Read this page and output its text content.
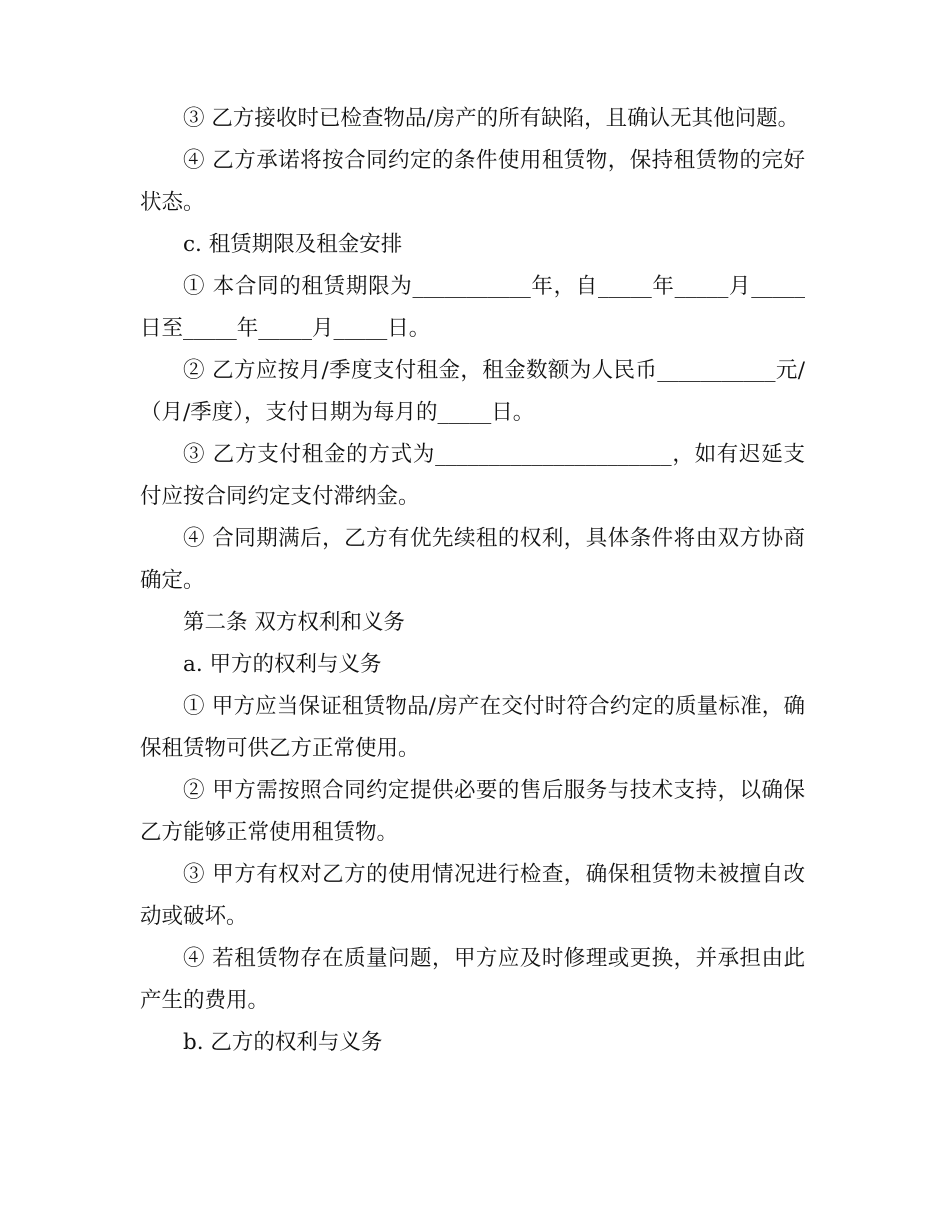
③ 乙方接收时已检查物品/房产的所有缺陷，且确认无其他问题。

④ 乙方承诺将按合同约定的条件使用租赁物，保持租赁物的完好状态。

c. 租赁期限及租金安排

① 本合同的租赁期限为___________年，自_____年_____月_____日至_____年_____月_____日。

② 乙方应按月/季度支付租金，租金数额为人民币___________元/（月/季度），支付日期为每月的_____日。

③ 乙方支付租金的方式为______________________，如有迟延支付应按合同约定支付滞纳金。

④ 合同期满后，乙方有优先续租的权利，具体条件将由双方协商确定。

第二条 双方权利和义务

a. 甲方的权利与义务

① 甲方应当保证租赁物品/房产在交付时符合约定的质量标准，确保租赁物可供乙方正常使用。

② 甲方需按照合同约定提供必要的售后服务与技术支持，以确保乙方能够正常使用租赁物。

③ 甲方有权对乙方的使用情况进行检查，确保租赁物未被擅自改动或破坏。

④ 若租赁物存在质量问题，甲方应及时修理或更换，并承担由此产生的费用。

b. 乙方的权利与义务
